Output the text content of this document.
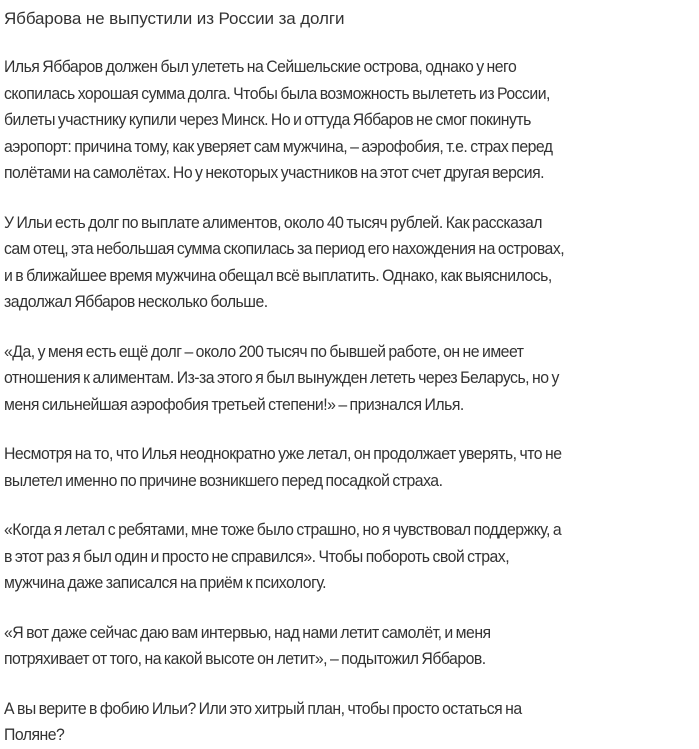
Яббарова не выпустили из России за долги

Илья Яббаров должен был улететь на Сейшельские острова, однако у него
скопилась хорошая сумма долга. Чтобы была возможность вылететь из России,
билеты участнику купили через Минск. Но и оттуда Яббаров не смог покинуть
аэропорт: причина тому, как уверяет сам мужчина, – аэрофобия, т.е. страх перед
полётами на самолётах. Но у некоторых участников на этот счет другая версия.

У Ильи есть долг по выплате алиментов, около 40 тысяч рублей. Как рассказал
сам отец, эта небольшая сумма скопилась за период его нахождения на островах,
и в ближайшее время мужчина обещал всё выплатить. Однако, как выяснилось,
задолжал Яббаров несколько больше.

«Да, у меня есть ещё долг – около 200 тысяч по бывшей работе, он не имеет
отношения к алиментам. Из-за этого я был вынужден лететь через Беларусь, но у
меня сильнейшая аэрофобия третьей степени!» – признался Илья.

Несмотря на то, что Илья неоднократно уже летал, он продолжает уверять, что не
вылетел именно по причине возникшего перед посадкой страха.

«Когда я летал с ребятами, мне тоже было страшно, но я чувствовал поддержку, а
в этот раз я был один и просто не справился». Чтобы побороть свой страх,
мужчина даже записался на приём к психологу.

«Я вот даже сейчас даю вам интервью, над нами летит самолёт, и меня
потряхивает от того, на какой высоте он летит», – подытожил Яббаров.

А вы верите в фобию Ильи? Или это хитрый план, чтобы просто остаться на
Поляне?
